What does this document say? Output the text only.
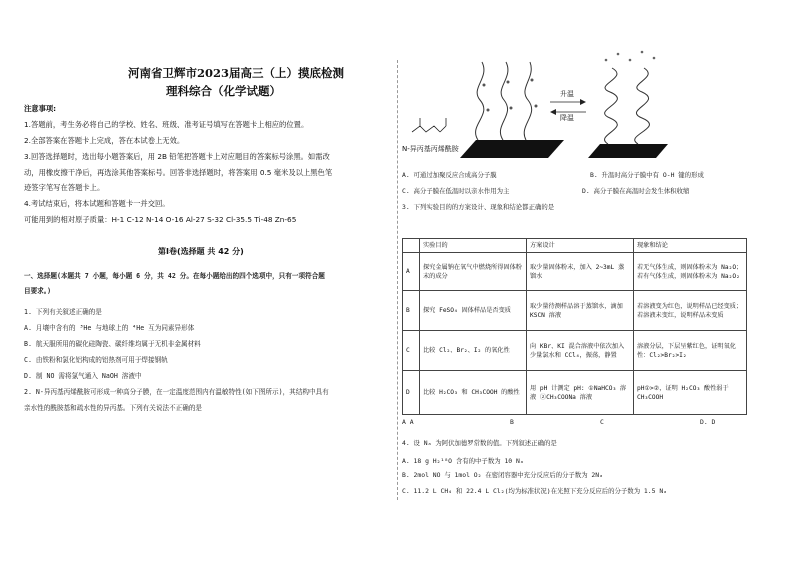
河南省卫辉市2023届高三（上）摸底检测
理科综合（化学试题）
注意事项:
1.答题前，考生务必将自己的学校、姓名、班级、准考证号填写在答题卡上相应的位置。
2.全部答案在答题卡上完成，答在本试卷上无效。
3.回答选择题时，选出每小题答案后，用 2B 铅笔把答题卡上对应题目的答案标号涂黑。如需改
动，用橡皮擦干净后，再选涂其他答案标号。回答非选择题时，将答案用 0.5 毫米及以上黑色笔
迹签字笔写在答题卡上。
4.考试结束后，将本试题和答题卡一并交回。
可能用到的相对原子质量：H-1 C-12 N-14 O-16 Al-27 S-32 Cl-35.5 Ti-48 Zn-65
第Ⅰ卷(选择题 共 42 分)
一、选择题(本题共 7 小题，每小题 6 分，共 42 分。在每小题给出的四个选项中，只有一项符合题
目要求。)
1. 下列有关叙述正确的是
A. 月壤中含有的 ³He 与地球上的 ⁴He 互为同素异形体
B. 航天服所用的碳化硅陶瓷、碳纤维均属于无机非金属材料
C. 由铁粉和氯化铝构成的铝热剂可用于焊接钢轨
D. 制 NO 需将氯气通入 NaOH 溶液中
2. N-异丙基丙烯酰胺可形成一种高分子膜，在一定温度范围内有温敏特性(如下图所示)，其结构中具有
亲水性的酰胺基和疏水性的异丙基。下列有关说法不正确的是
N-异丙基丙烯酰胺
升温
降温
A. 可通过加聚反应合成高分子膜	B. 升温时高分子膜中有 O-H 键的形成
C. 高分子膜在低温时以亲水作用为主	D. 高分子膜在高温时会发生体积收缩
3. 下列实验目的的方案设计、现象和结论都正确的是
	实验目的	方案设计	现象和结论
A	探究金属钠在氧气中燃烧所得固体粉末的成分	取少量固体粉末，加入 2~3mL 蒸馏水	若无气体生成，则固体粉末为 Na₂O；若有气体生成，则固体粉末为 Na₂O₂
B	探究 FeSO₄ 固体样品是否变质	取少量待测样品溶于蒸馏水，滴加 KSCN 溶液	若溶液变为红色，说明样品已经变质；若溶液未变红，说明样品未变质
C	比较 Cl₂、Br₂、I₂ 的氧化性	向 KBr、KI 混合溶液中依次加入少量氯水和 CCl₄，振荡，静置	溶液分层，下层呈紫红色，证明氧化性：Cl₂>Br₂>I₂
D	比较 H₂CO₃ 和 CH₃COOH 的酸性	用 pH 计测定 pH: ①NaHCO₃ 溶液 ②CH₃COONa 溶液	pH①>②，证明 H₂CO₃ 酸性弱于 CH₃COOH
A A	B	C	D. D
4. 设 Nₐ 为阿伏加德罗常数的值。下列叙述正确的是
A. 18 g H₂¹⁸O 含有的中子数为 10 Nₐ
B. 2mol NO 与 1mol O₂ 在密闭容器中充分反应后的分子数为 2Nₐ
C. 11.2 L CH₄ 和 22.4 L Cl₂(均为标准状况)在光照下充分反应后的分子数为 1.5 Nₐ
